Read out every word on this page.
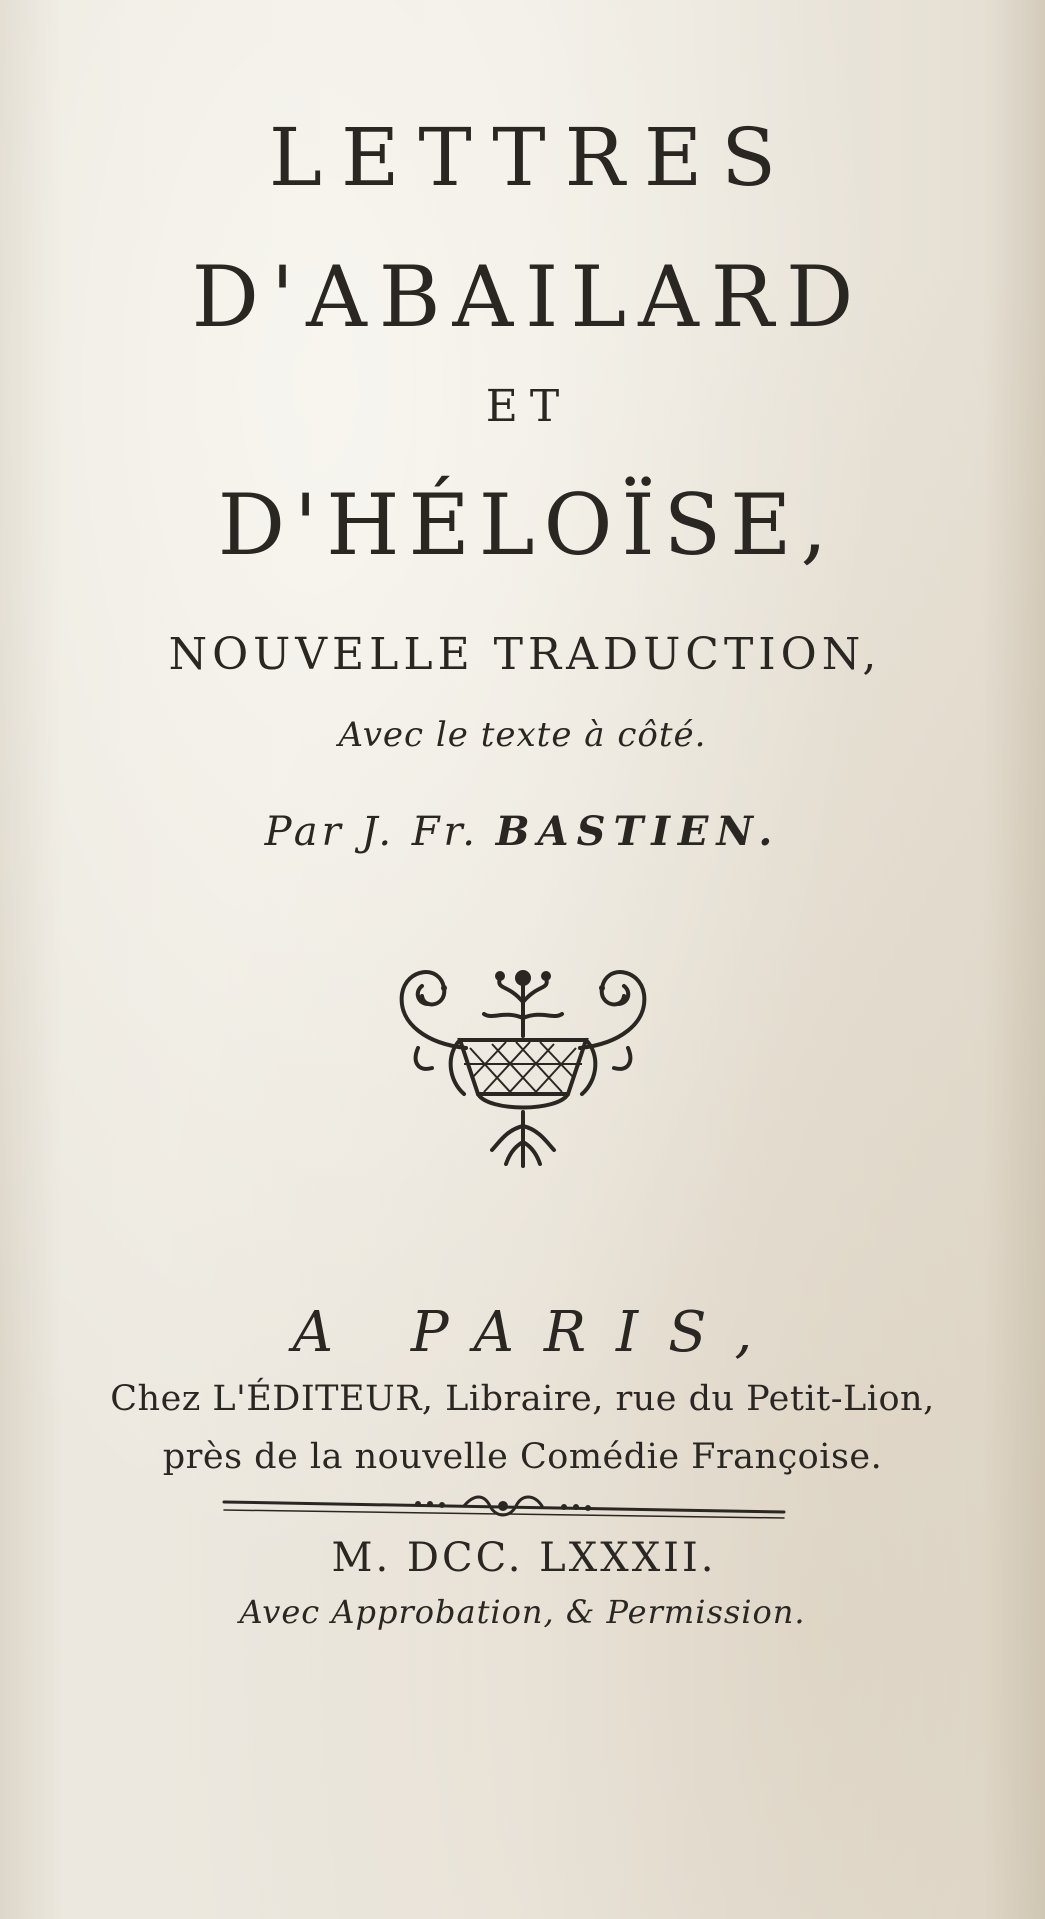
LETTRES
D'ABAILARD
ET
D'HÉLOÏSE,
NOUVELLE TRADUCTION,
Avec le texte à côté.
Par J. Fr. BASTIEN.
A PARIS,
Chez L'ÉDITEUR, Libraire, rue du Petit-Lion,
près de la nouvelle Comédie Françoise.
M. DCC. LXXXII.
Avec Approbation, & Permission.
